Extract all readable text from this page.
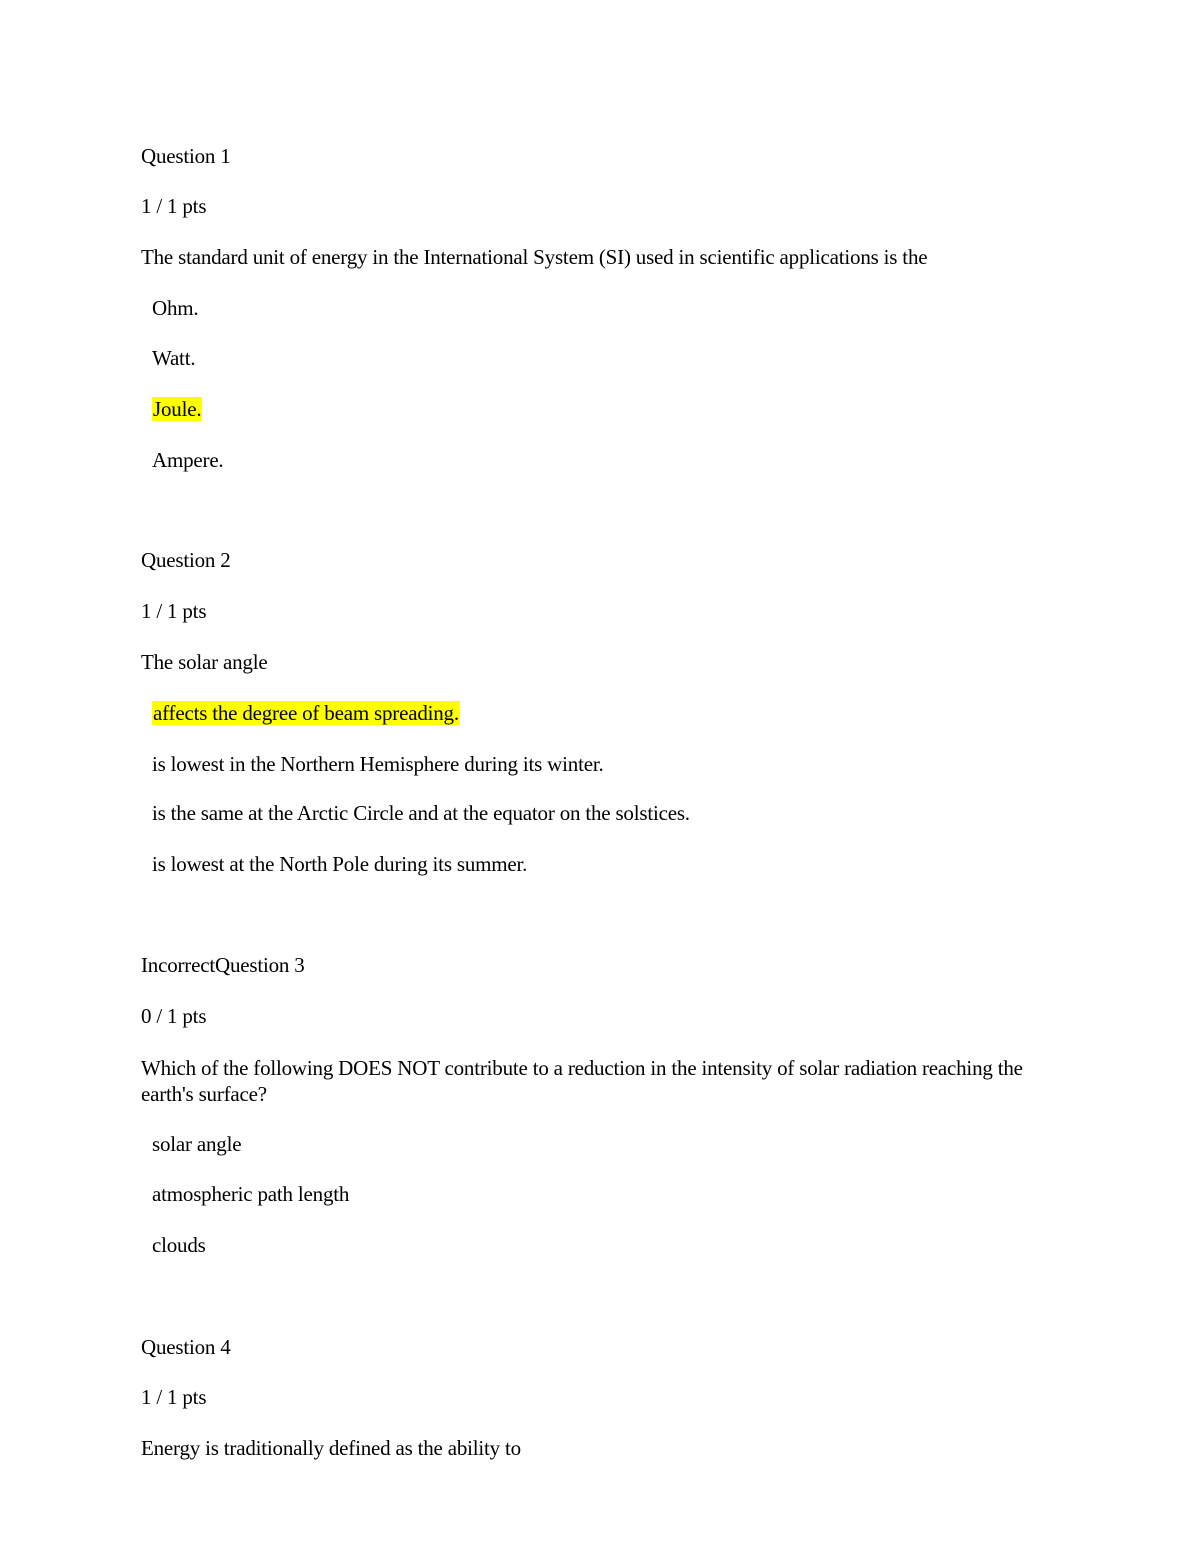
Question 1
1 / 1 pts
The standard unit of energy in the International System (SI) used in scientific applications is the
Ohm.
Watt.
Joule.
Ampere.
Question 2
1 / 1 pts
The solar angle
affects the degree of beam spreading.
is lowest in the Northern Hemisphere during its winter.
is the same at the Arctic Circle and at the equator on the solstices.
is lowest at the North Pole during its summer.
IncorrectQuestion 3
0 / 1 pts
Which of the following DOES NOT contribute to a reduction in the intensity of solar radiation reaching the earth's surface?
solar angle
atmospheric path length
clouds
Question 4
1 / 1 pts
Energy is traditionally defined as the ability to
